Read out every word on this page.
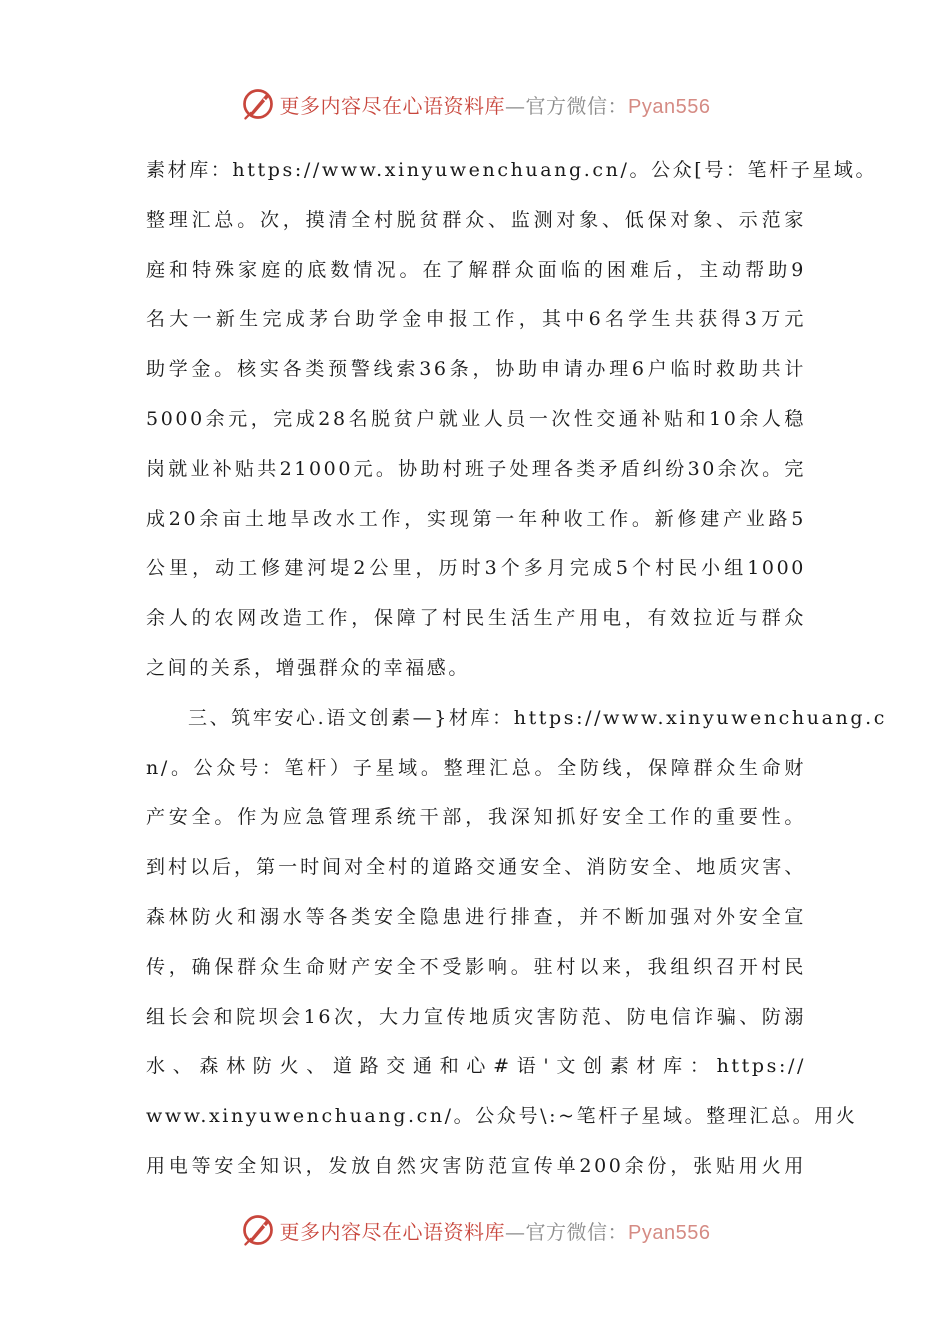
更多内容尽在心语资料库—官方微信：Pyan556
素材库：https://www.xinyuwenchuang.cn/。公众[号：笔杆子星域。
整理汇总。次，摸清全村脱贫群众、监测对象、低保对象、示范家
庭和特殊家庭的底数情况。在了解群众面临的困难后，主动帮助9
名大一新生完成茅台助学金申报工作，其中6名学生共获得3万元
助学金。核实各类预警线索36条，协助申请办理6户临时救助共计
5000余元，完成28名脱贫户就业人员一次性交通补贴和10余人稳
岗就业补贴共21000元。协助村班子处理各类矛盾纠纷30余次。完
成20余亩土地旱改水工作，实现第一年种收工作。新修建产业路5
公里，动工修建河堤2公里，历时3个多月完成5个村民小组1000
余人的农网改造工作，保障了村民生活生产用电，有效拉近与群众
之间的关系，增强群众的幸福感。
三、筑牢安心.语文创素—}材库：https://www.xinyuwenchuang.c
n/。公众号：笔杆）子星域。整理汇总。全防线，保障群众生命财
产安全。作为应急管理系统干部，我深知抓好安全工作的重要性。
到村以后，第一时间对全村的道路交通安全、消防安全、地质灾害、
森林防火和溺水等各类安全隐患进行排查，并不断加强对外安全宣
传，确保群众生命财产安全不受影响。驻村以来，我组织召开村民
组长会和院坝会16次，大力宣传地质灾害防范、防电信诈骗、防溺
水、森林防火、道路交通和心#语'文创素材库：https://
www.xinyuwenchuang.cn/。公众号\:~笔杆子星域。整理汇总。用火
用电等安全知识，发放自然灾害防范宣传单200余份，张贴用火用
更多内容尽在心语资料库—官方微信：Pyan556
